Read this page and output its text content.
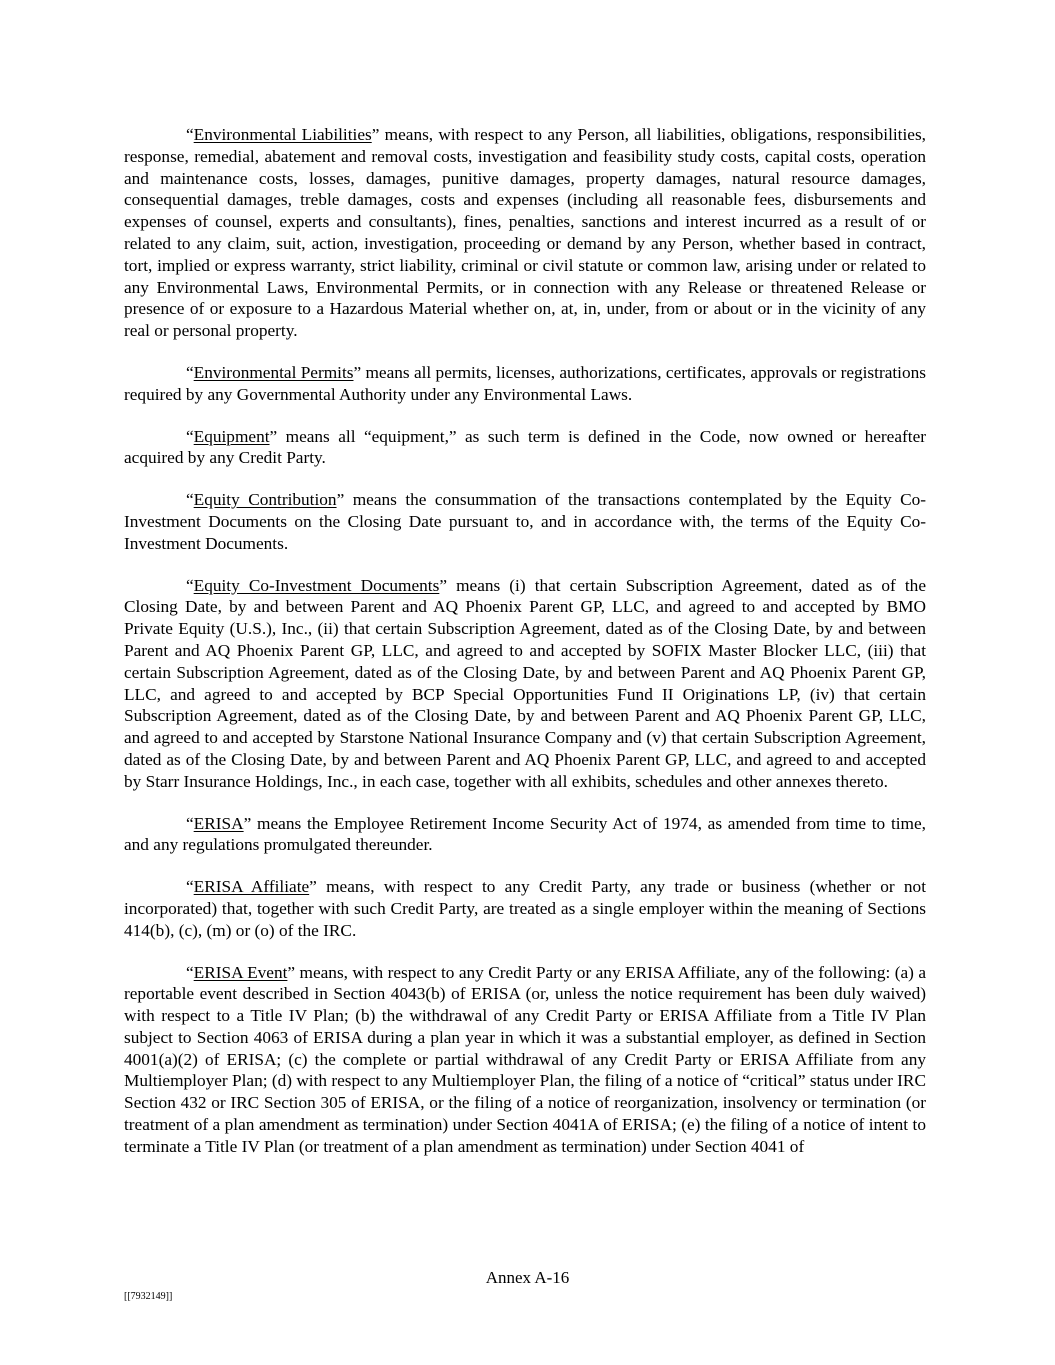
“Environmental Liabilities” means, with respect to any Person, all liabilities, obligations, responsibilities, response, remedial, abatement and removal costs, investigation and feasibility study costs, capital costs, operation and maintenance costs, losses, damages, punitive damages, property damages, natural resource damages, consequential damages, treble damages, costs and expenses (including all reasonable fees, disbursements and expenses of counsel, experts and consultants), fines, penalties, sanctions and interest incurred as a result of or related to any claim, suit, action, investigation, proceeding or demand by any Person, whether based in contract, tort, implied or express warranty, strict liability, criminal or civil statute or common law, arising under or related to any Environmental Laws, Environmental Permits, or in connection with any Release or threatened Release or presence of or exposure to a Hazardous Material whether on, at, in, under, from or about or in the vicinity of any real or personal property.

“Environmental Permits” means all permits, licenses, authorizations, certificates, approvals or registrations required by any Governmental Authority under any Environmental Laws.

“Equipment” means all “equipment,” as such term is defined in the Code, now owned or hereafter acquired by any Credit Party.

“Equity Contribution” means the consummation of the transactions contemplated by the Equity Co-Investment Documents on the Closing Date pursuant to, and in accordance with, the terms of the Equity Co-Investment Documents.

“Equity Co-Investment Documents” means (i) that certain Subscription Agreement, dated as of the Closing Date, by and between Parent and AQ Phoenix Parent GP, LLC, and agreed to and accepted by BMO Private Equity (U.S.), Inc., (ii) that certain Subscription Agreement, dated as of the Closing Date, by and between Parent and AQ Phoenix Parent GP, LLC, and agreed to and accepted by SOFIX Master Blocker LLC, (iii) that certain Subscription Agreement, dated as of the Closing Date, by and between Parent and AQ Phoenix Parent GP, LLC, and agreed to and accepted by BCP Special Opportunities Fund II Originations LP, (iv) that certain Subscription Agreement, dated as of the Closing Date, by and between Parent and AQ Phoenix Parent GP, LLC, and agreed to and accepted by Starstone National Insurance Company and (v) that certain Subscription Agreement, dated as of the Closing Date, by and between Parent and AQ Phoenix Parent GP, LLC, and agreed to and accepted by Starr Insurance Holdings, Inc., in each case, together with all exhibits, schedules and other annexes thereto.

“ERISA” means the Employee Retirement Income Security Act of 1974, as amended from time to time, and any regulations promulgated thereunder.

“ERISA Affiliate” means, with respect to any Credit Party, any trade or business (whether or not incorporated) that, together with such Credit Party, are treated as a single employer within the meaning of Sections 414(b), (c), (m) or (o) of the IRC.

“ERISA Event” means, with respect to any Credit Party or any ERISA Affiliate, any of the following: (a) a reportable event described in Section 4043(b) of ERISA (or, unless the notice requirement has been duly waived) with respect to a Title IV Plan; (b) the withdrawal of any Credit Party or ERISA Affiliate from a Title IV Plan subject to Section 4063 of ERISA during a plan year in which it was a substantial employer, as defined in Section 4001(a)(2) of ERISA; (c) the complete or partial withdrawal of any Credit Party or ERISA Affiliate from any Multiemployer Plan; (d) with respect to any Multiemployer Plan, the filing of a notice of “critical” status under IRC Section 432 or IRC Section 305 of ERISA, or the filing of a notice of reorganization, insolvency or termination (or treatment of a plan amendment as termination) under Section 4041A of ERISA; (e) the filing of a notice of intent to terminate a Title IV Plan (or treatment of a plan amendment as termination) under Section 4041 of

Annex A-16
[[7932149]]
